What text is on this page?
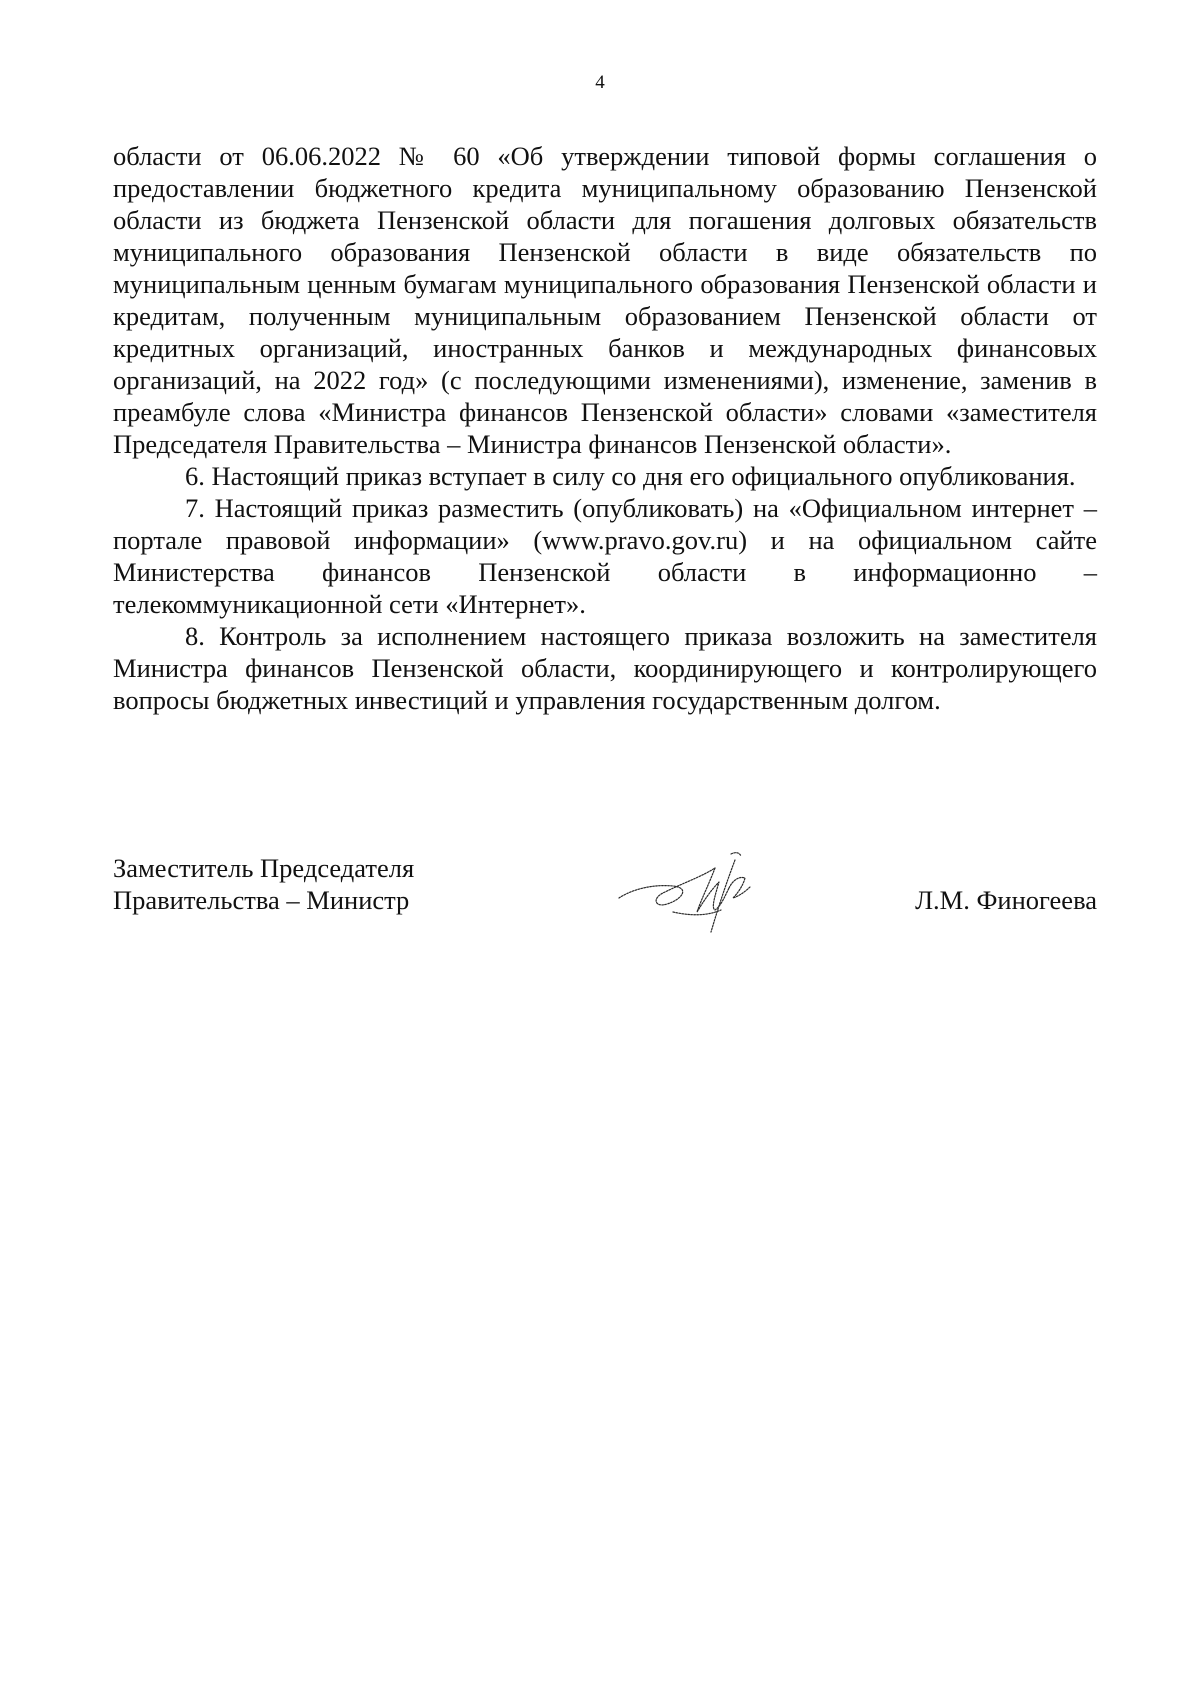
4

области от 06.06.2022 № 60 «Об утверждении типовой формы соглашения о предоставлении бюджетного кредита муниципальному образованию Пензенской области из бюджета Пензенской области для погашения долговых обязательств муниципального образования Пензенской области в виде обязательств по муниципальным ценным бумагам муниципального образования Пензенской области и кредитам, полученным муниципальным образованием Пензенской области от кредитных организаций, иностранных банков и международных финансовых организаций, на 2022 год» (с последующими изменениями), изменение, заменив в преамбуле слова «Министра финансов Пензенской области» словами «заместителя Председателя Правительства – Министра финансов Пензенской области».

6. Настоящий приказ вступает в силу со дня его официального опубликования.

7. Настоящий приказ разместить (опубликовать) на «Официальном интернет – портале правовой информации» (www.pravo.gov.ru) и на официальном сайте Министерства финансов Пензенской области в информационно – телекоммуникационной сети «Интернет».

8. Контроль за исполнением настоящего приказа возложить на заместителя Министра финансов Пензенской области, координирующего и контролирующего вопросы бюджетных инвестиций и управления государственным долгом.

Заместитель Председателя
Правительства – Министр	Л.М. Финогеева
